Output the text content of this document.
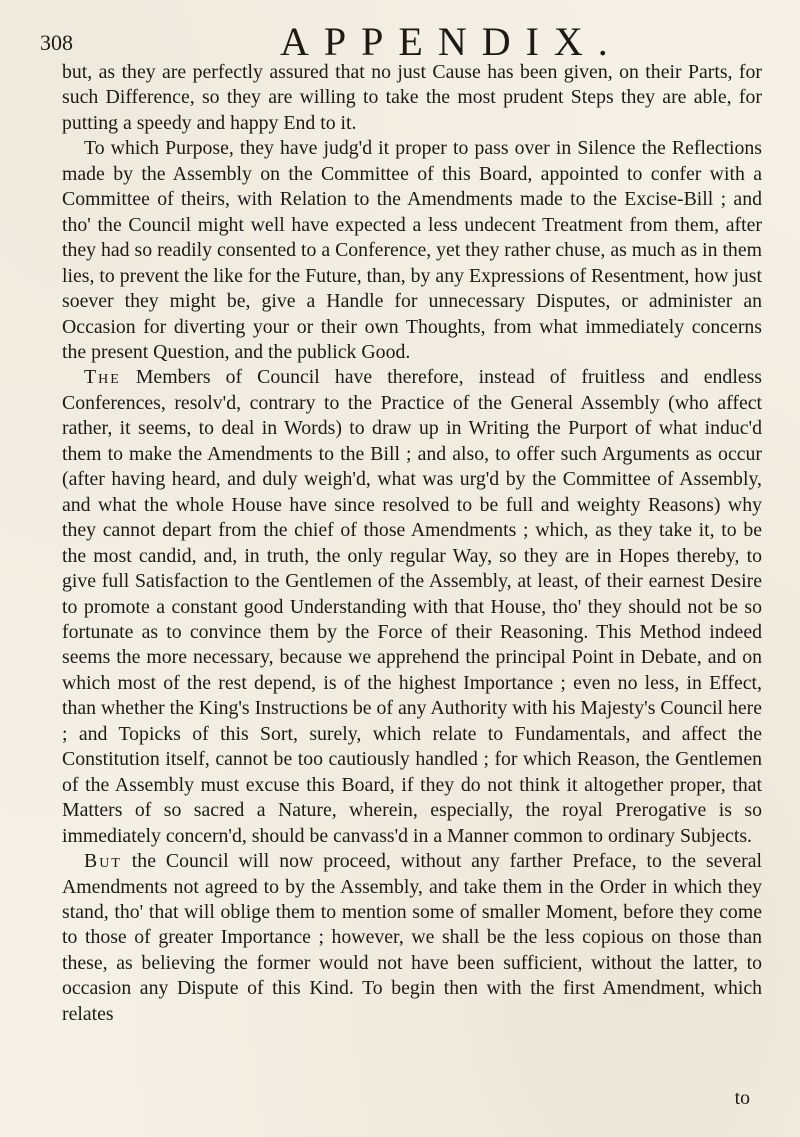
308	APPENDIX.

but, as they are perfectly assured that no just Cause has been given, on their Parts, for such Difference, so they are willing to take the most prudent Steps they are able, for putting a speedy and happy End to it.

To which Purpose, they have judg'd it proper to pass over in Silence the Reflections made by the Assembly on the Committee of this Board, appointed to confer with a Committee of theirs, with Relation to the Amendments made to the Excise-Bill ; and tho' the Council might well have expected a less undecent Treatment from them, after they had so readily consented to a Conference, yet they rather chuse, as much as in them lies, to prevent the like for the Future, than, by any Expressions of Resentment, how just soever they might be, give a Handle for unnecessary Disputes, or administer an Occasion for diverting your or their own Thoughts, from what immediately concerns the present Question, and the publick Good.

The Members of Council have therefore, instead of fruitless and endless Conferences, resolv'd, contrary to the Practice of the General Assembly (who affect rather, it seems, to deal in Words) to draw up in Writing the Purport of what induc'd them to make the Amendments to the Bill ; and also, to offer such Arguments as occur (after having heard, and duly weigh'd, what was urg'd by the Committee of Assembly, and what the whole House have since resolved to be full and weighty Reasons) why they cannot depart from the chief of those Amendments ; which, as they take it, to be the most candid, and, in truth, the only regular Way, so they are in Hopes thereby, to give full Satisfaction to the Gentlemen of the Assembly, at least, of their earnest Desire to promote a constant good Understanding with that House, tho' they should not be so fortunate as to convince them by the Force of their Reasoning. This Method indeed seems the more necessary, because we apprehend the principal Point in Debate, and on which most of the rest depend, is of the highest Importance ; even no less, in Effect, than whether the King's Instructions be of any Authority with his Majesty's Council here ; and Topicks of this Sort, surely, which relate to Fundamentals, and affect the Constitution itself, cannot be too cautiously handled ; for which Reason, the Gentlemen of the Assembly must excuse this Board, if they do not think it altogether proper, that Matters of so sacred a Nature, wherein, especially, the royal Prerogative is so immediately concern'd, should be canvass'd in a Manner common to ordinary Subjects.

But the Council will now proceed, without any farther Preface, to the several Amendments not agreed to by the Assembly, and take them in the Order in which they stand, tho' that will oblige them to mention some of smaller Moment, before they come to those of greater Importance ; however, we shall be the less copious on those than these, as believing the former would not have been sufficient, without the latter, to occasion any Dispute of this Kind. To begin then with the first Amendment, which relates

to
